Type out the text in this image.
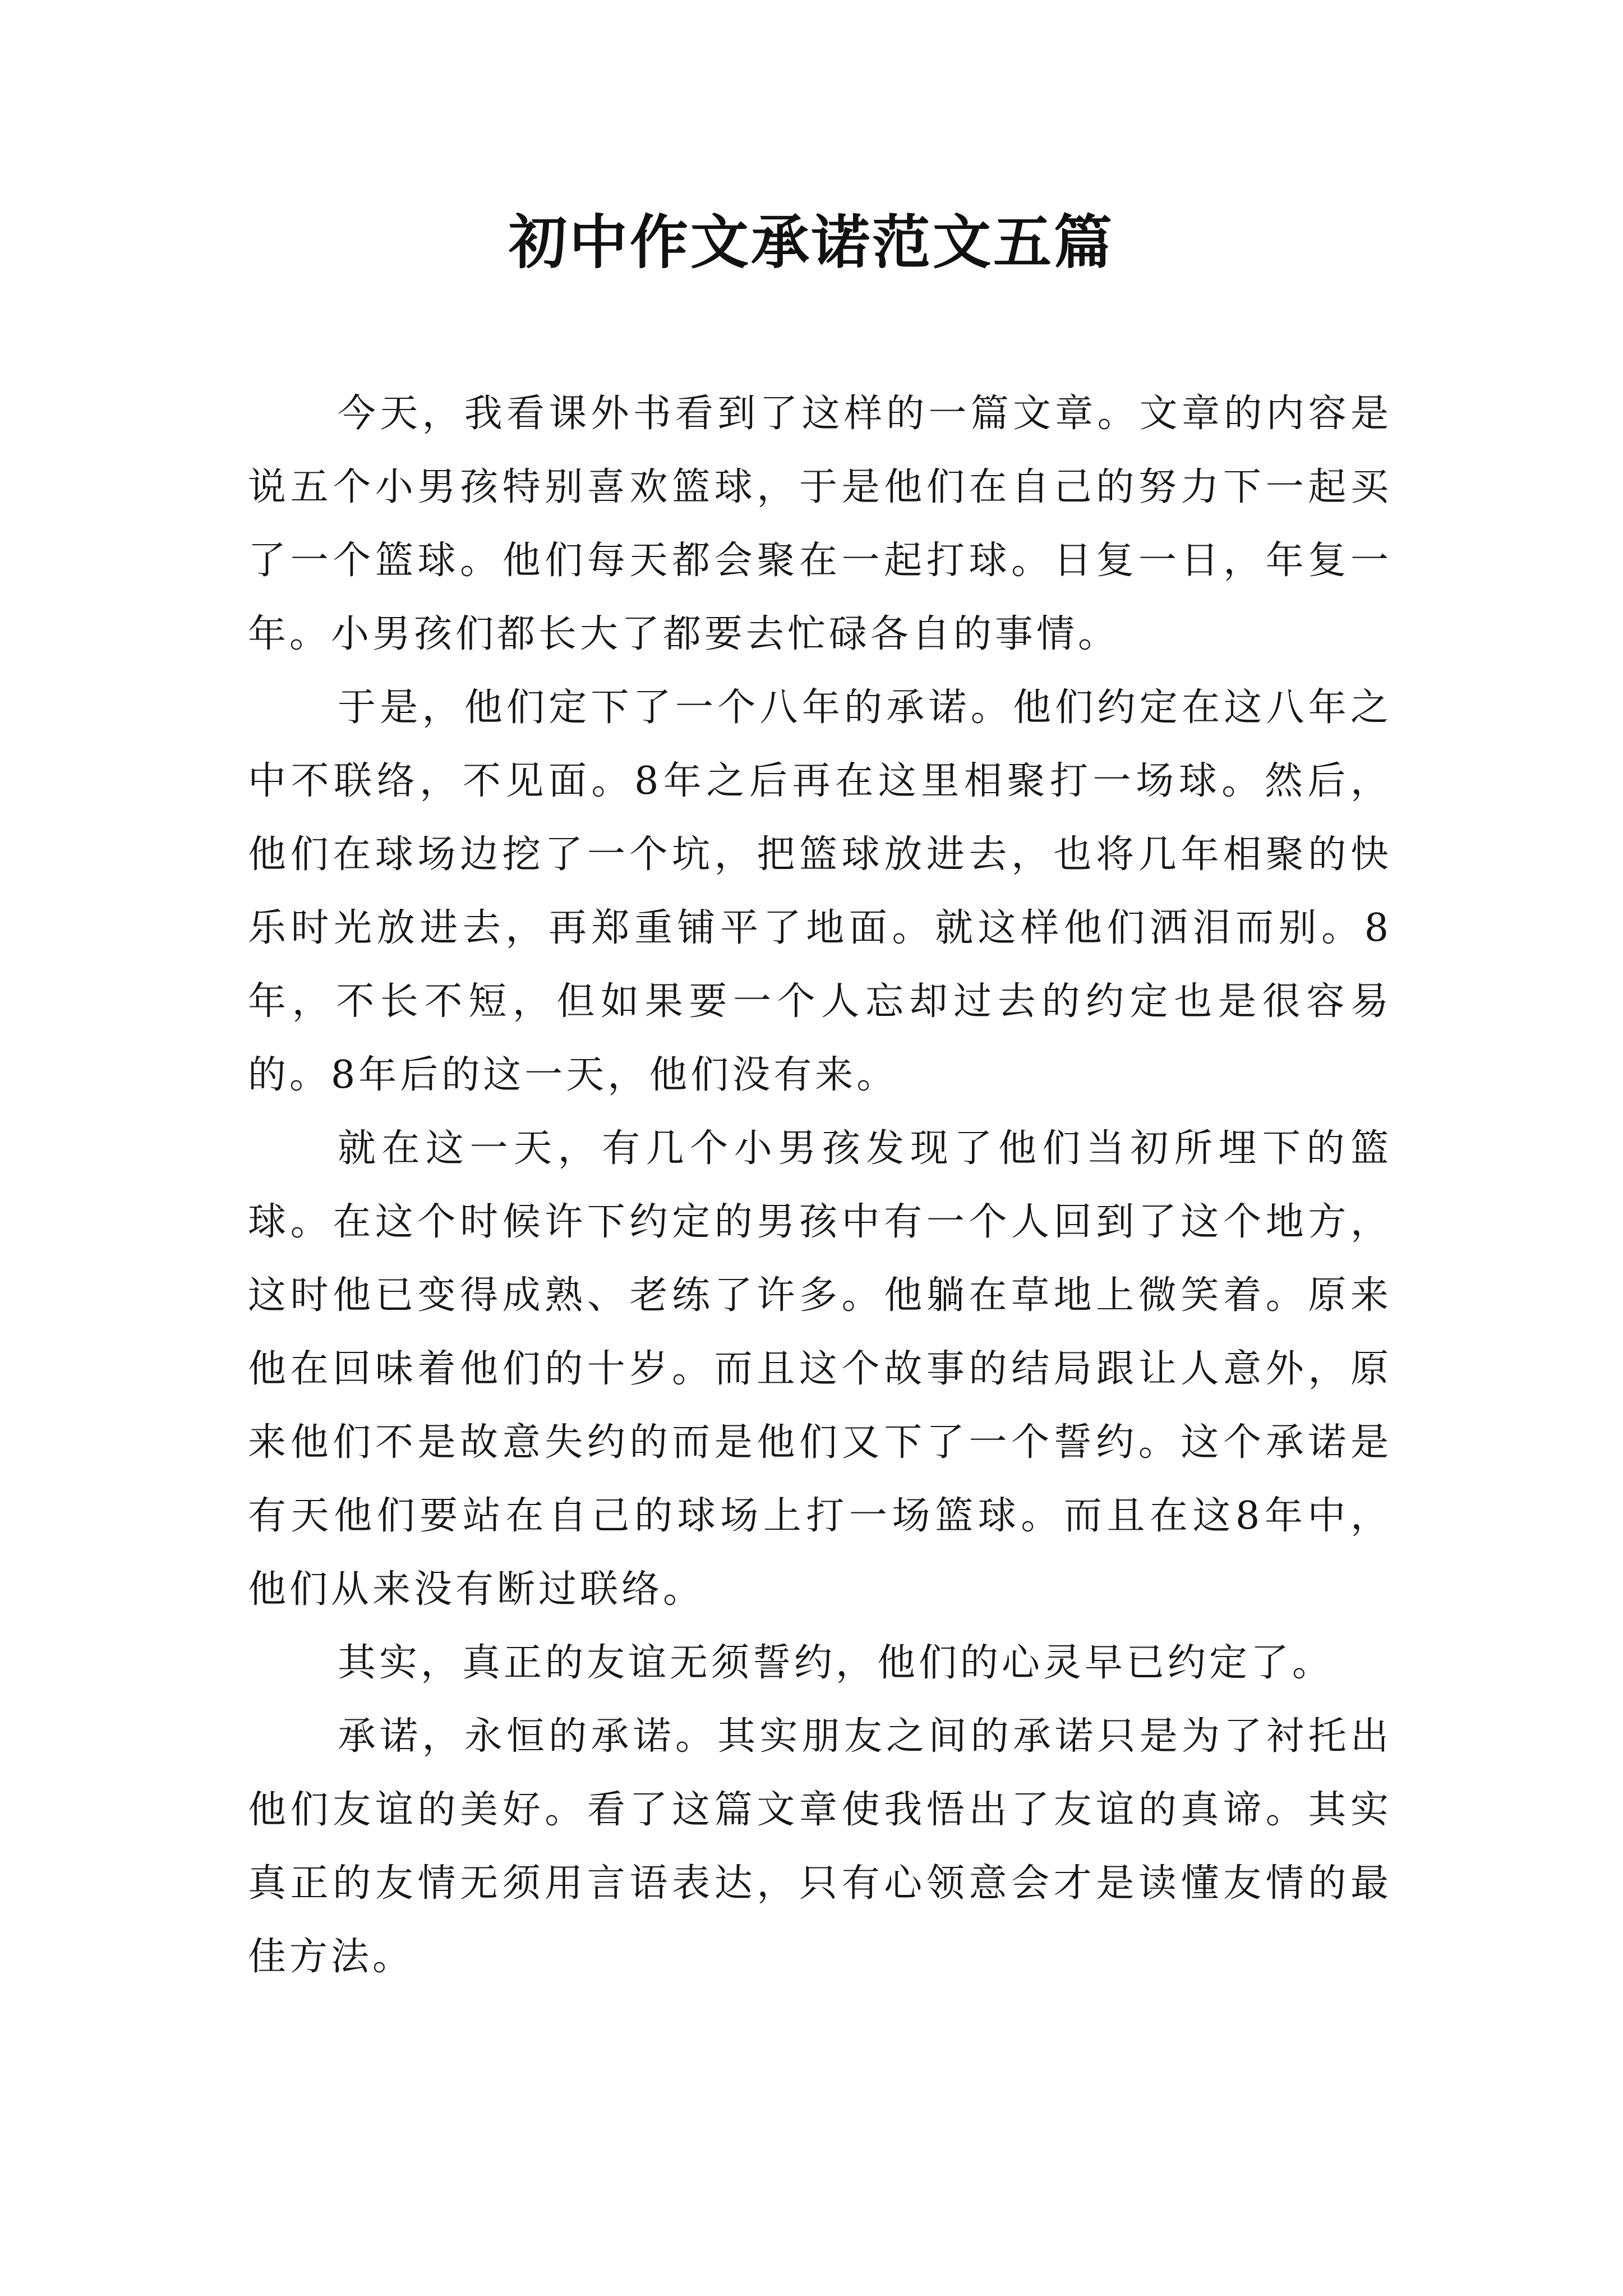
初中作文承诺范文五篇

今天，我看课外书看到了这样的一篇文章。文章的内容是说五个小男孩特别喜欢篮球，于是他们在自己的努力下一起买了一个篮球。他们每天都会聚在一起打球。日复一日，年复一年。小男孩们都长大了都要去忙碌各自的事情。

于是，他们定下了一个八年的承诺。他们约定在这八年之中不联络，不见面。8年之后再在这里相聚打一场球。然后，他们在球场边挖了一个坑，把篮球放进去，也将几年相聚的快乐时光放进去，再郑重铺平了地面。就这样他们洒泪而别。8年，不长不短，但如果要一个人忘却过去的约定也是很容易的。8年后的这一天，他们没有来。

就在这一天，有几个小男孩发现了他们当初所埋下的篮球。在这个时候许下约定的男孩中有一个人回到了这个地方，这时他已变得成熟、老练了许多。他躺在草地上微笑着。原来他在回味着他们的十岁。而且这个故事的结局跟让人意外，原来他们不是故意失约的而是他们又下了一个誓约。这个承诺是有天他们要站在自己的球场上打一场篮球。而且在这8年中，他们从来没有断过联络。

其实，真正的友谊无须誓约，他们的心灵早已约定了。

承诺，永恒的承诺。其实朋友之间的承诺只是为了衬托出他们友谊的美好。看了这篇文章使我悟出了友谊的真谛。其实真正的友情无须用言语表达，只有心领意会才是读懂友情的最佳方法。
